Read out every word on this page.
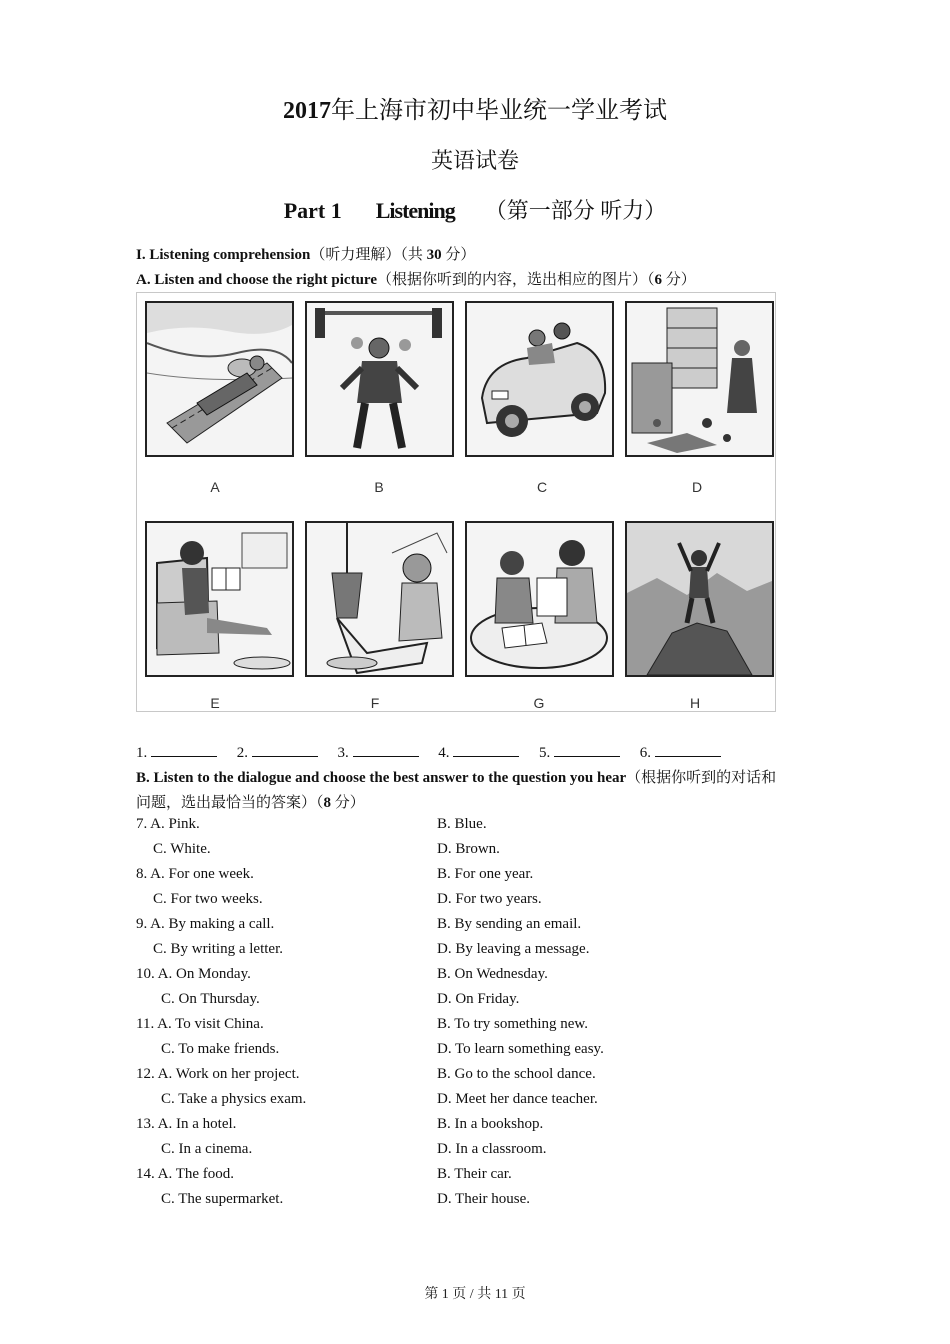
2017年上海市初中毕业统一学业考试
英语试卷
Part 1 Listening （第一部分 听力）
I. Listening comprehension（听力理解）（共 30 分）
A. Listen and choose the right picture（根据你听到的内容，选出相应的图片）（6 分）
A	B	C	D
E	F	G	H
1.	2.	3.	4.	5.	6.
B. Listen to the dialogue and choose the best answer to the question you hear（根据你听到的对话和
问题，选出最恰当的答案）（8 分）
7. A. Pink.	B. Blue.
C. White.	D. Brown.
8. A. For one week.	B. For one year.
C. For two weeks.	D. For two years.
9. A. By making a call.	B. By sending an email.
C. By writing a letter.	D. By leaving a message.
10. A. On Monday.	B. On Wednesday.
C. On Thursday.	D. On Friday.
11. A. To visit China.	B. To try something new.
C. To make friends.	D. To learn something easy.
12. A. Work on her project.	B. Go to the school dance.
C. Take a physics exam.	D. Meet her dance teacher.
13. A. In a hotel.	B. In a bookshop.
C. In a cinema.	D. In a classroom.
14. A. The food.	B. Their car.
C. The supermarket.	D. Their house.
第 1 页 / 共 11 页
